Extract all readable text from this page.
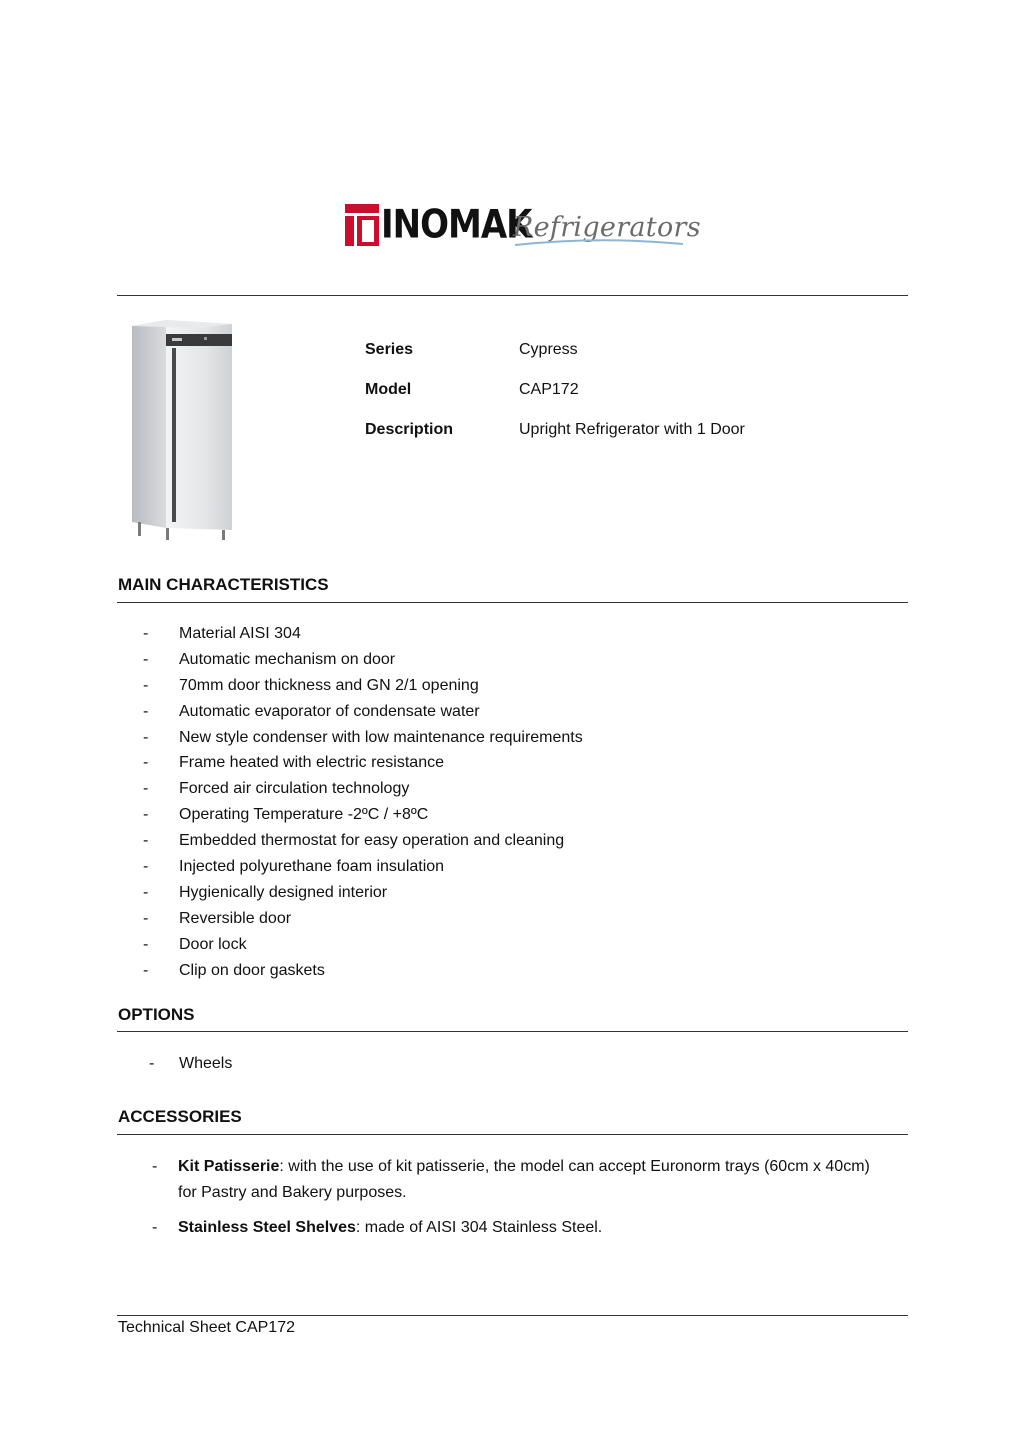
INOMAK
Refrigerators
Series	Cypress
Model	CAP172
Description	Upright Refrigerator with 1 Door
MAIN CHARACTERISTICS
- Material AISI 304
- Automatic mechanism on door
- 70mm door thickness and GN 2/1 opening
- Automatic evaporator of condensate water
- New style condenser with low maintenance requirements
- Frame heated with electric resistance
- Forced air circulation technology
- Operating Temperature -2ºC / +8ºC
- Embedded thermostat for easy operation and cleaning
- Injected polyurethane foam insulation
- Hygienically designed interior
- Reversible door
- Door lock
- Clip on door gaskets
OPTIONS
- Wheels
ACCESSORIES
- Kit Patisserie: with the use of kit patisserie, the model can accept Euronorm trays (60cm x 40cm) for Pastry and Bakery purposes.
- Stainless Steel Shelves: made of AISI 304 Stainless Steel.
Technical Sheet CAP172
